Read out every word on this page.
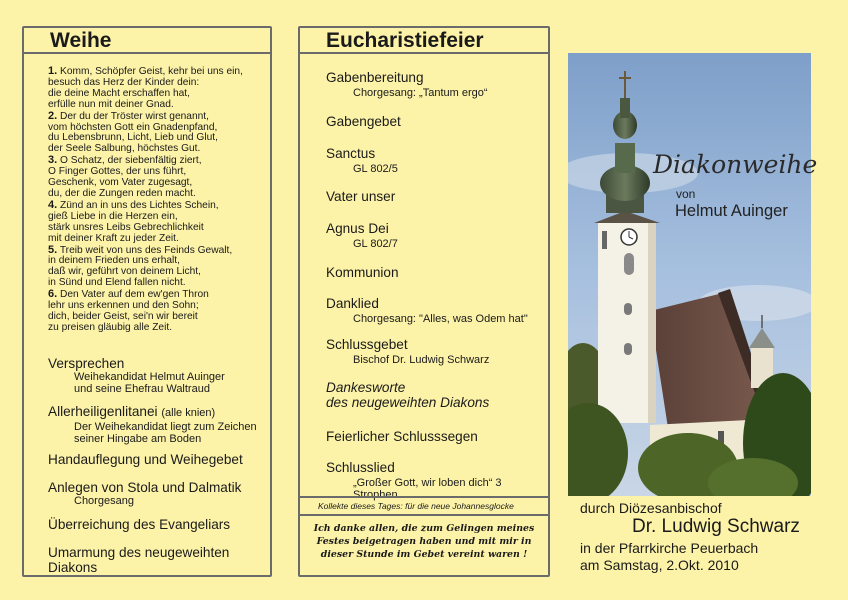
Weihe
1. Komm, Schöpfer Geist, kehr bei uns ein,
besuch das Herz der Kinder dein:
die deine Macht erschaffen hat,
erfülle nun mit deiner Gnad.
2. Der du der Tröster wirst genannt,
vom höchsten Gott ein Gnadenpfand,
du Lebensbrunn, Licht, Lieb und Glut,
der Seele Salbung, höchstes Gut.
3. O Schatz, der siebenfältig ziert,
O Finger Gottes, der uns führt,
Geschenk, vom Vater zugesagt,
du, der die Zungen reden macht.
4. Zünd an in uns des Lichtes Schein,
gieß Liebe in die Herzen ein,
stärk unsres Leibs Gebrechlichkeit
mit deiner Kraft zu jeder Zeit.
5. Treib weit von uns des Feinds Gewalt,
in deinem Frieden uns erhalt,
daß wir, geführt von deinem Licht,
in Sünd und Elend fallen nicht.
6. Den Vater auf dem ew'gen Thron
lehr uns erkennen und den Sohn;
dich, beider Geist, sei'n wir bereit
zu preisen gläubig alle Zeit.
Versprechen
Weihekandidat Helmut Auinger
und seine Ehefrau Waltraud
Allerheiligenlitanei (alle knien)
Der Weihekandidat liegt zum Zeichen
seiner Hingabe am Boden
Handauflegung und Weihegebet
Anlegen von Stola und Dalmatik
Chorgesang
Überreichung des Evangeliars
Umarmung des neugeweihten
Diakons
Eucharistiefeier
Gabenbereitung
Chorgesang: „Tantum ergo“
Gabengebet
Sanctus
GL 802/5
Vater unser
Agnus Dei
GL 802/7
Kommunion
Danklied
Chorgesang: "Alles, was Odem hat"
Schlussgebet
Bischof Dr. Ludwig Schwarz
Dankesworte
des neugeweihten Diakons
Feierlicher Schlusssegen
Schlusslied
„Großer Gott, wir loben dich“ 3 Strophen
Kollekte dieses Tages: für die neue Johannesglocke
Ich danke allen, die zum Gelingen meines
Festes beigetragen haben und mit mir in
dieser Stunde im Gebet vereint waren !
Diakonweihe
von
Helmut Auinger
durch Diözesanbischof
Dr. Ludwig Schwarz
in der Pfarrkirche Peuerbach
am Samstag, 2.Okt. 2010
